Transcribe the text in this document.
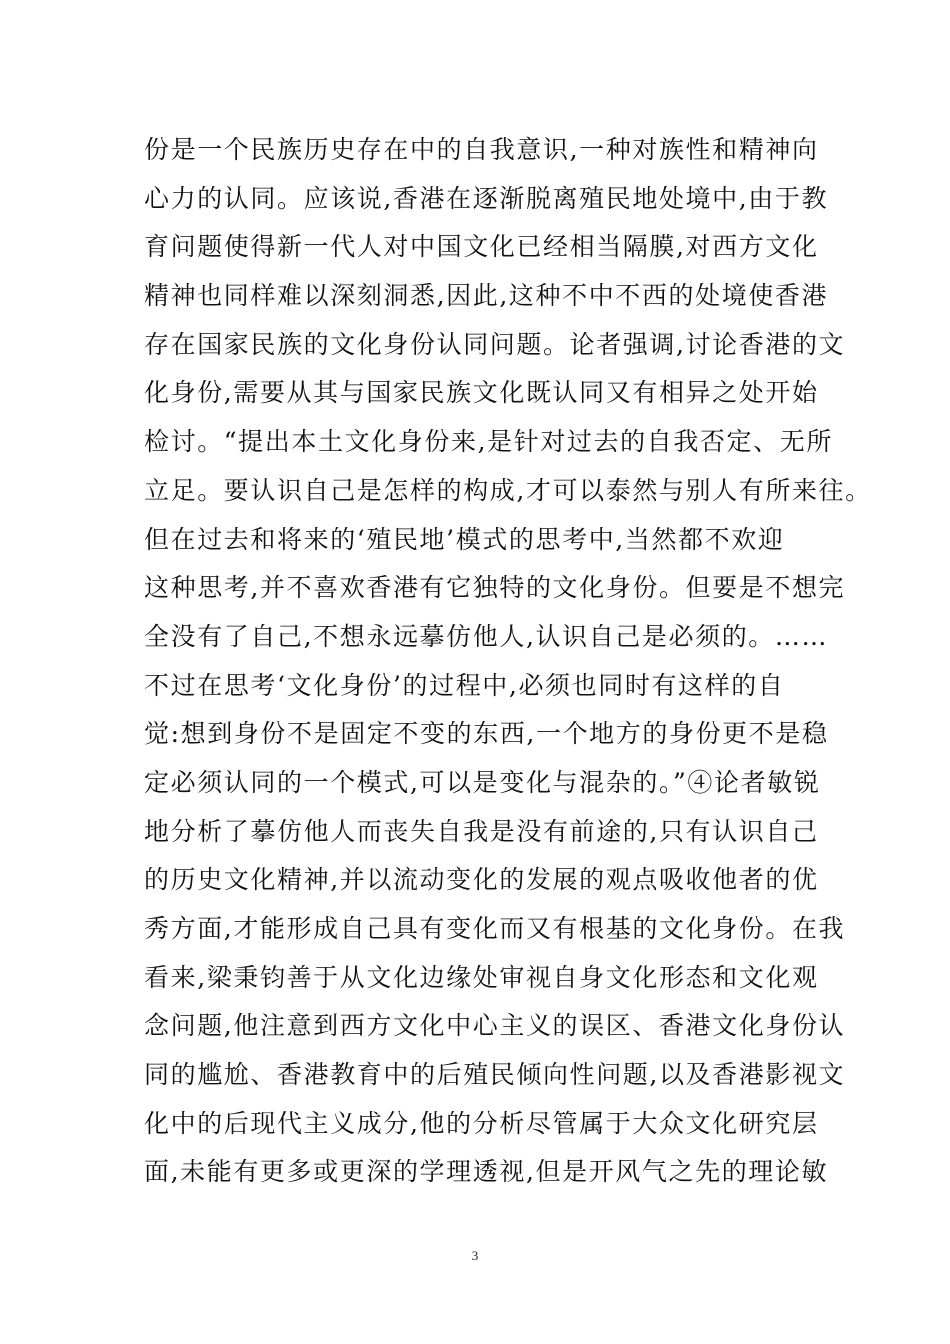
份是一个民族历史存在中的自我意识,一种对族性和精神向
心力的认同。应该说,香港在逐渐脱离殖民地处境中,由于教
育问题使得新一代人对中国文化已经相当隔膜,对西方文化
精神也同样难以深刻洞悉,因此,这种不中不西的处境使香港
存在国家民族的文化身份认同问题。论者强调,讨论香港的文
化身份,需要从其与国家民族文化既认同又有相异之处开始
检讨。“提出本土文化身份来,是针对过去的自我否定、无所
立足。要认识自己是怎样的构成,才可以泰然与别人有所来往。
但在过去和将来的‘殖民地’模式的思考中,当然都不欢迎
这种思考,并不喜欢香港有它独特的文化身份。但要是不想完
全没有了自己,不想永远摹仿他人,认识自己是必须的。……
不过在思考‘文化身份’的过程中,必须也同时有这样的自
觉:想到身份不是固定不变的东西,一个地方的身份更不是稳
定必须认同的一个模式,可以是变化与混杂的。”④论者敏锐
地分析了摹仿他人而丧失自我是没有前途的,只有认识自己
的历史文化精神,并以流动变化的发展的观点吸收他者的优
秀方面,才能形成自己具有变化而又有根基的文化身份。在我
看来,梁秉钧善于从文化边缘处审视自身文化形态和文化观
念问题,他注意到西方文化中心主义的误区、香港文化身份认
同的尴尬、香港教育中的后殖民倾向性问题,以及香港影视文
化中的后现代主义成分,他的分析尽管属于大众文化研究层
面,未能有更多或更深的学理透视,但是开风气之先的理论敏
3
